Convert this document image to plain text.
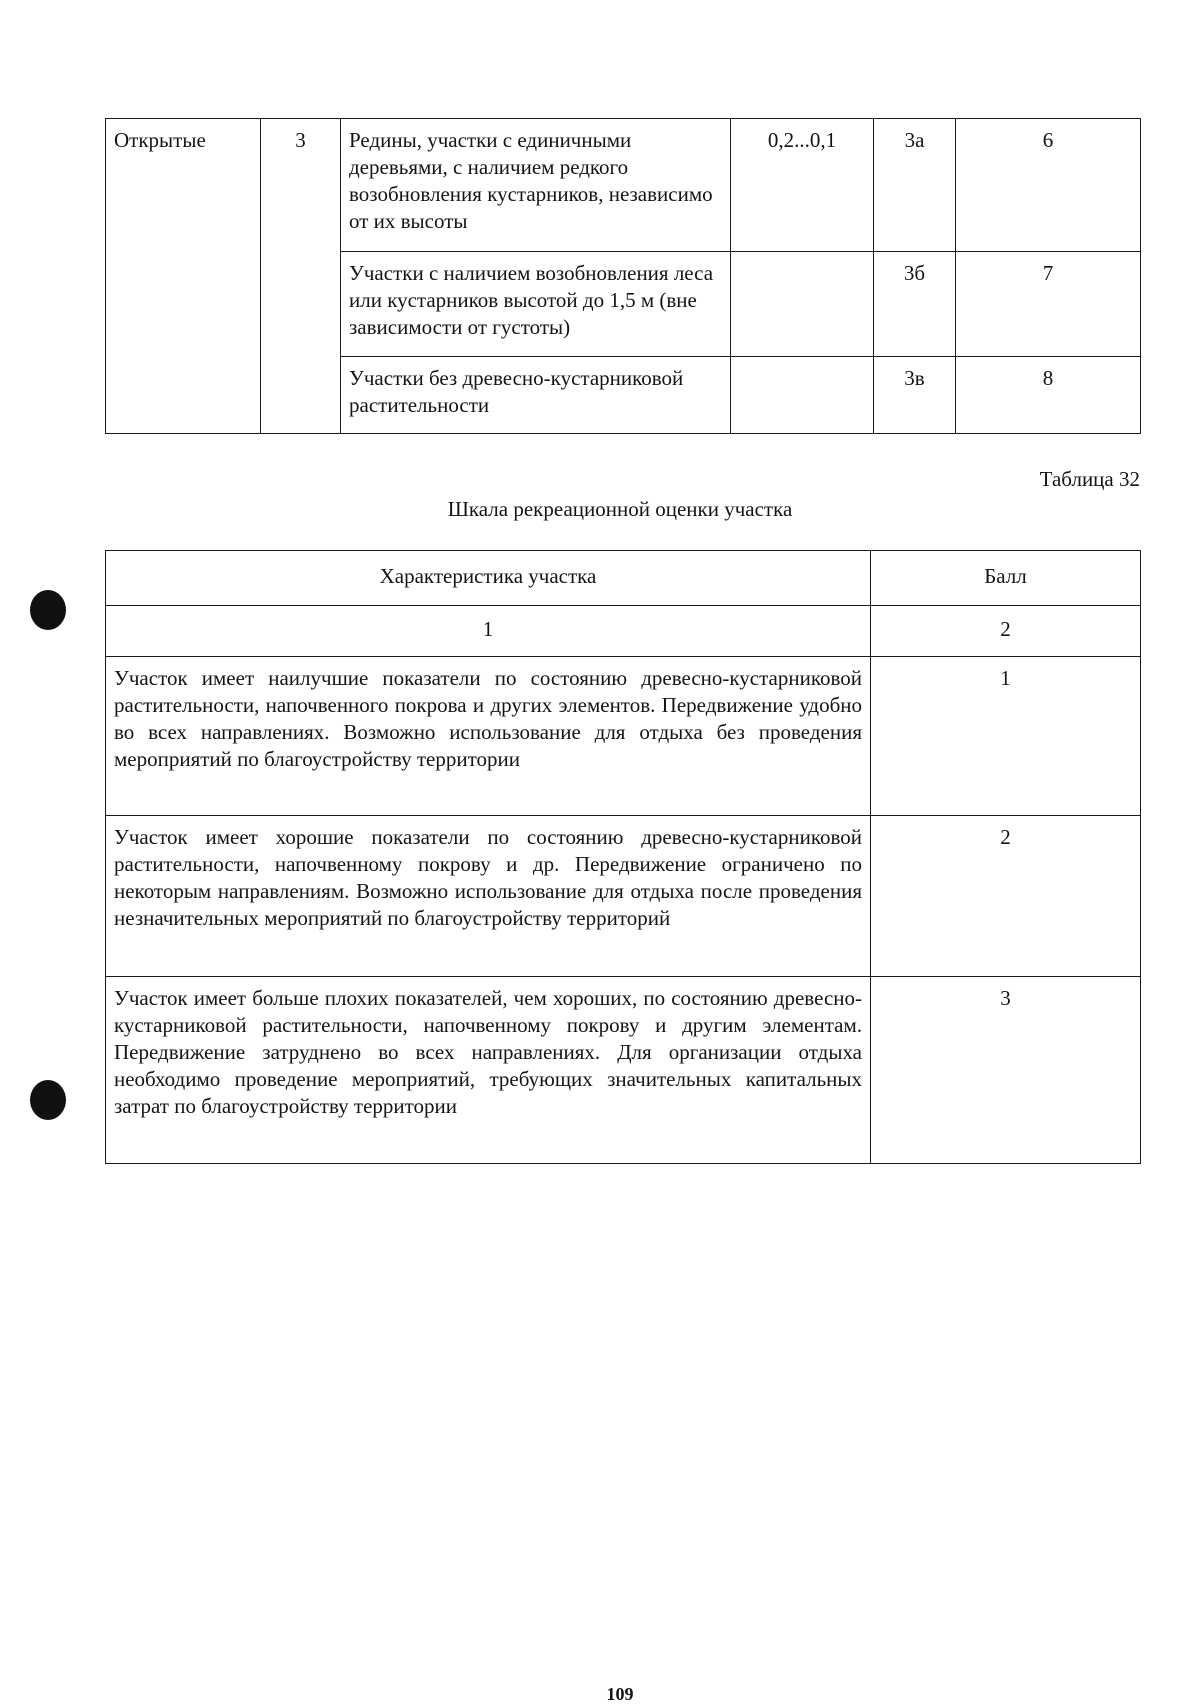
Открытые	3	Редины, участки с единичными деревьями, с наличием редкого возобновления кустарников, независимо от их высоты	0,2...0,1	3а	6
		Участки с наличием возобновления леса или кустарников высотой до 1,5 м (вне зависимости от густоты)		3б	7
		Участки без древесно-кустарниковой растительности		3в	8
Таблица 32
Шкала рекреационной оценки участка
Характеристика участка	Балл
1	2
Участок имеет наилучшие показатели по состоянию древесно-кустарниковой растительности, напочвенного покрова и других элементов. Передвижение удобно во всех направлениях. Возможно использование для отдыха без проведения мероприятий по благоустройству территории	1
Участок имеет хорошие показатели по состоянию древесно-кустарниковой растительности, напочвенному покрову и др. Передвижение ограничено по некоторым направлениям. Возможно использование для отдыха после проведения незначительных мероприятий по благоустройству территорий	2
Участок имеет больше плохих показателей, чем хороших, по состоянию древесно-кустарниковой растительности, напочвенному покрову и другим элементам. Передвижение затруднено во всех направлениях. Для организации отдыха необходимо проведение мероприятий, требующих значительных капитальных затрат по благоустройству территории	3
109
